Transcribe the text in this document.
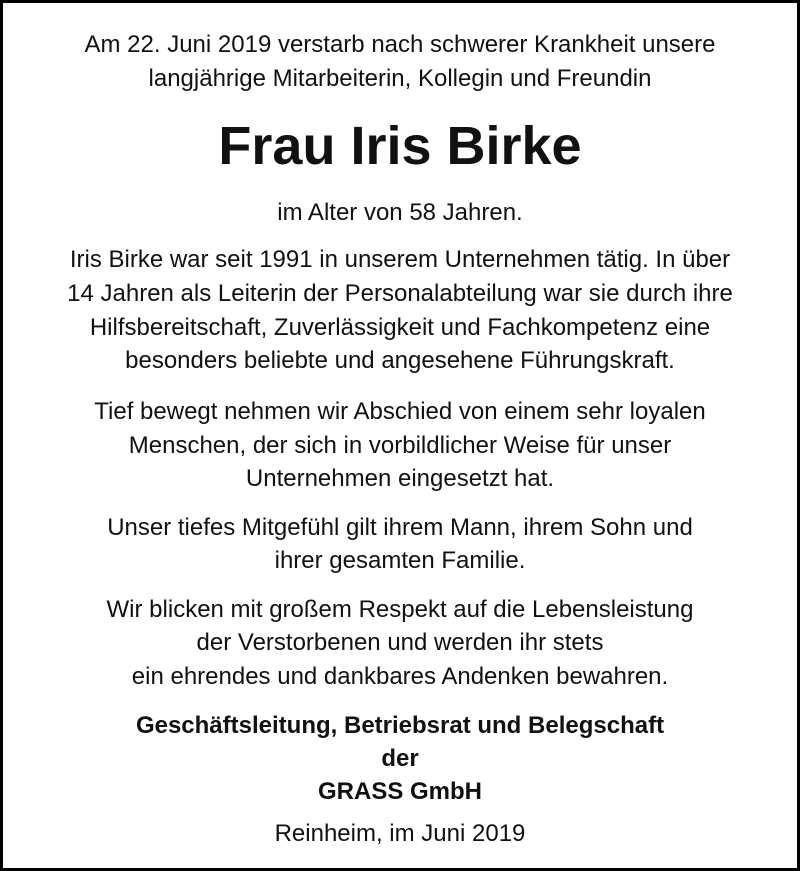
Am 22. Juni 2019 verstarb nach schwerer Krankheit unsere

langjährige Mitarbeiterin, Kollegin und Freundin

Frau Iris Birke

im Alter von 58 Jahren.

Iris Birke war seit 1991 in unserem Unternehmen tätig. In über

14 Jahren als Leiterin der Personalabteilung war sie durch ihre

Hilfsbereitschaft, Zuverlässigkeit und Fachkompetenz eine

besonders beliebte und angesehene Führungskraft.

Tief bewegt nehmen wir Abschied von einem sehr loyalen

Menschen, der sich in vorbildlicher Weise für unser

Unternehmen eingesetzt hat.

Unser tiefes Mitgefühl gilt ihrem Mann, ihrem Sohn und

ihrer gesamten Familie.

Wir blicken mit großem Respekt auf die Lebensleistung

der Verstorbenen und werden ihr stets

ein ehrendes und dankbares Andenken bewahren.

Geschäftsleitung, Betriebsrat und Belegschaft

der

GRASS GmbH

Reinheim, im Juni 2019
